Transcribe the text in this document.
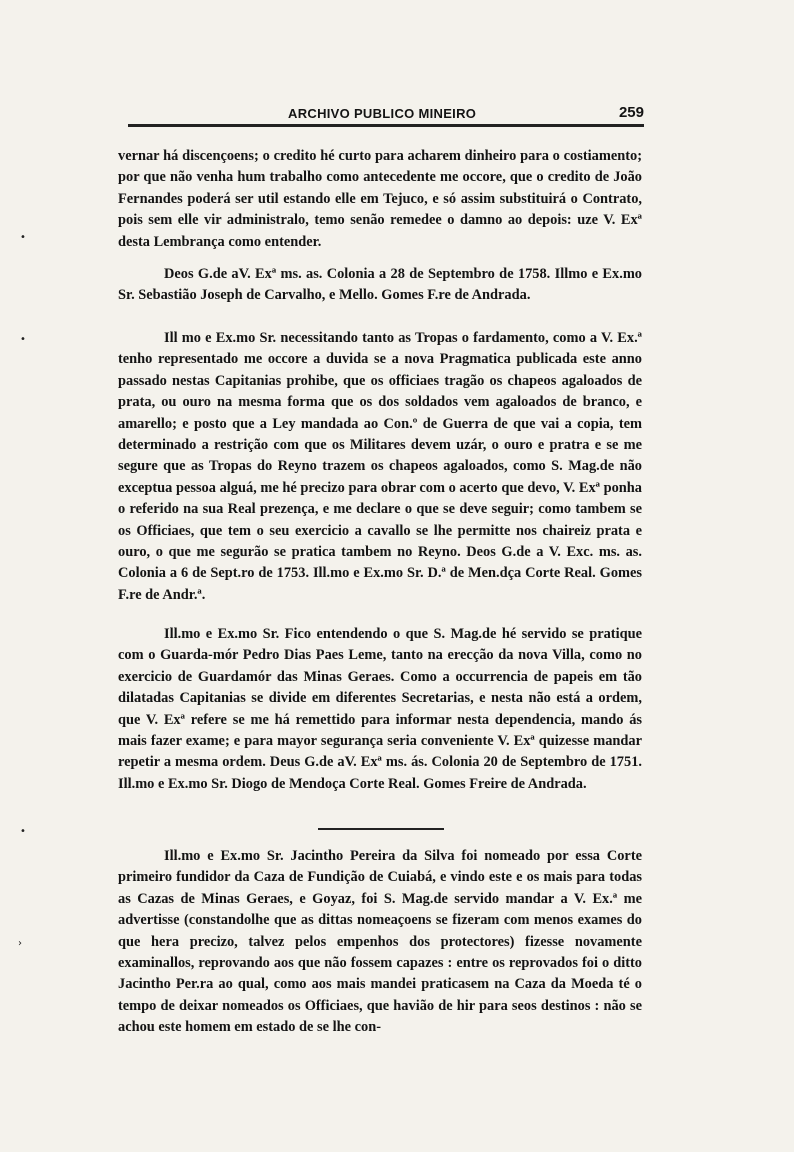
ARCHIVO PUBLICO MINEIRO	259

vernar há discençoens; o credito hé curto para acharem dinheiro para o costiamento; por que não venha hum trabalho como antecedente me occore, que o credito de João Fernandes poderá ser util estando elle em Tejuco, e só assim substituirá o Contrato, pois sem elle vir administralo, temo senão remedee o damno ao depois: uze V. Exª desta Lembrança como entender.

Deos G.de aV. Exª ms. as. Colonia a 28 de Septembro de 1758. Illmo e Ex.mo Sr. Sebastião Joseph de Carvalho, e Mello. Gomes F.re de Andrada.

Ill mo e Ex.mo Sr. necessitando tanto as Tropas o fardamento, como a V. Ex.ª tenho representado me occore a duvida se a nova Pragmatica publicada este anno passado nestas Capitanias prohibe, que os officiaes tragão os chapeos agaloados de prata, ou ouro na mesma forma que os dos soldados vem agaloados de branco, e amarello; e posto que a Ley mandada ao Con.º de Guerra de que vai a copia, tem determinado a restrição com que os Militares devem uzár, o ouro e pratra e se me segure que as Tropas do Reyno trazem os chapeos agaloados, como S. Mag.de não exceptua pessoa alguá, me hé precizo para obrar com o acerto que devo, V. Exª ponha o referido na sua Real prezença, e me declare o que se deve seguir; como tambem se os Officiaes, que tem o seu exercicio a cavallo se lhe permitte nos chaireiz prata e ouro, o que me segurão se pratica tambem no Reyno. Deos G.de a V. Exc. ms. as. Colonia a 6 de Sept.ro de 1753. Ill.mo e Ex.mo Sr. D.ª de Men.dça Corte Real. Gomes F.re de Andr.ª.

Ill.mo e Ex.mo Sr. Fico entendendo o que S. Mag.de hé servido se pratique com o Guarda-mór Pedro Dias Paes Leme, tanto na erecção da nova Villa, como no exercicio de Guardamór das Minas Geraes. Como a occurrencia de papeis em tão dilatadas Capitanias se divide em diferentes Secretarias, e nesta não está a ordem, que V. Exª refere se me há remettido para informar nesta dependencia, mando ás mais fazer exame; e para mayor segurança seria conveniente V. Exª quizesse mandar repetir a mesma ordem. Deus G.de aV. Exª ms. ás. Colonia 20 de Septembro de 1751. Ill.mo e Ex.mo Sr. Diogo de Mendoça Corte Real. Gomes Freire de Andrada.

Ill.mo e Ex.mo Sr. Jacintho Pereira da Silva foi nomeado por essa Corte primeiro fundidor da Caza de Fundição de Cuiabá, e vindo este e os mais para todas as Cazas de Minas Geraes, e Goyaz, foi S. Mag.de servido mandar a V. Ex.ª me advertisse (constandolhe que as dittas nomeaçoens se fizeram com menos exames do que hera precizo, talvez pelos empenhos dos protectores) fizesse novamente examinallos, reprovando aos que não fossem capazes : entre os reprovados foi o ditto Jacintho Per.ra ao qual, como aos mais mandei praticasem na Caza da Moeda té o tempo de deixar nomeados os Officiaes, que havião de hir para seos destinos : não se achou este homem em estado de se lhe con-

•
•
•
›
